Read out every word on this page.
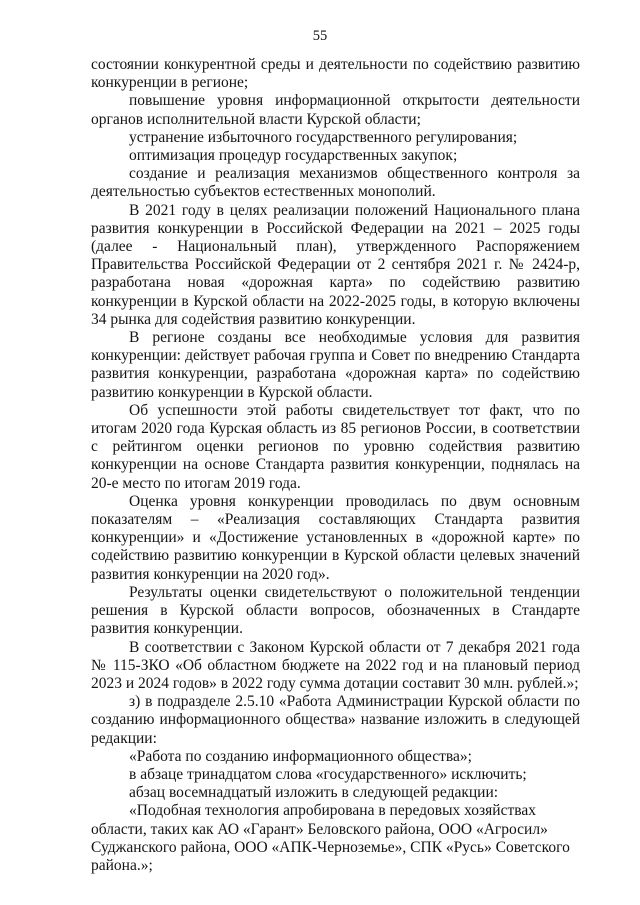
55

состоянии конкурентной среды и деятельности по содействию развитию конкуренции в регионе;

повышение уровня информационной открытости деятельности органов исполнительной власти Курской области;

устранение избыточного государственного регулирования;

оптимизация процедур государственных закупок;

создание и реализация механизмов общественного контроля за деятельностью субъектов естественных монополий.

В 2021 году в целях реализации положений Национального плана развития конкуренции в Российской Федерации на 2021 – 2025 годы (далее - Национальный план), утвержденного Распоряжением Правительства Российской Федерации от 2 сентября 2021 г. № 2424-р, разработана новая «дорожная карта» по содействию развитию конкуренции в Курской области на 2022-2025 годы, в которую включены 34 рынка для содействия развитию конкуренции.

В регионе созданы все необходимые условия для развития конкуренции: действует рабочая группа и Совет по внедрению Стандарта развития конкуренции, разработана «дорожная карта» по содействию развитию конкуренции в Курской области.

Об успешности этой работы свидетельствует тот факт, что по итогам 2020 года Курская область из 85 регионов России, в соответствии с рейтингом оценки регионов по уровню содействия развитию конкуренции на основе Стандарта развития конкуренции, поднялась на 20-е место по итогам 2019 года.

Оценка уровня конкуренции проводилась по двум основным показателям – «Реализация составляющих Стандарта развития конкуренции» и «Достижение установленных в «дорожной карте» по содействию развитию конкуренции в Курской области целевых значений развития конкуренции на 2020 год».

Результаты оценки свидетельствуют о положительной тенденции решения в Курской области вопросов, обозначенных в Стандарте развития конкуренции.

В соответствии с Законом Курской области от 7 декабря 2021 года № 115-ЗКО «Об областном бюджете на 2022 год и на плановый период 2023 и 2024 годов» в 2022 году сумма дотации составит 30 млн. рублей.»;

з) в подразделе 2.5.10 «Работа Администрации Курской области по созданию информационного общества» название изложить в следующей редакции:

«Работа по созданию информационного общества»;

в абзаце тринадцатом слова «государственного» исключить;

абзац восемнадцатый изложить в следующей редакции:

«Подобная технология апробирована в передовых хозяйствах области, таких как АО «Гарант» Беловского района, ООО «Агросил» Суджанского района, ООО «АПК-Черноземье», СПК «Русь» Советского района.»;
